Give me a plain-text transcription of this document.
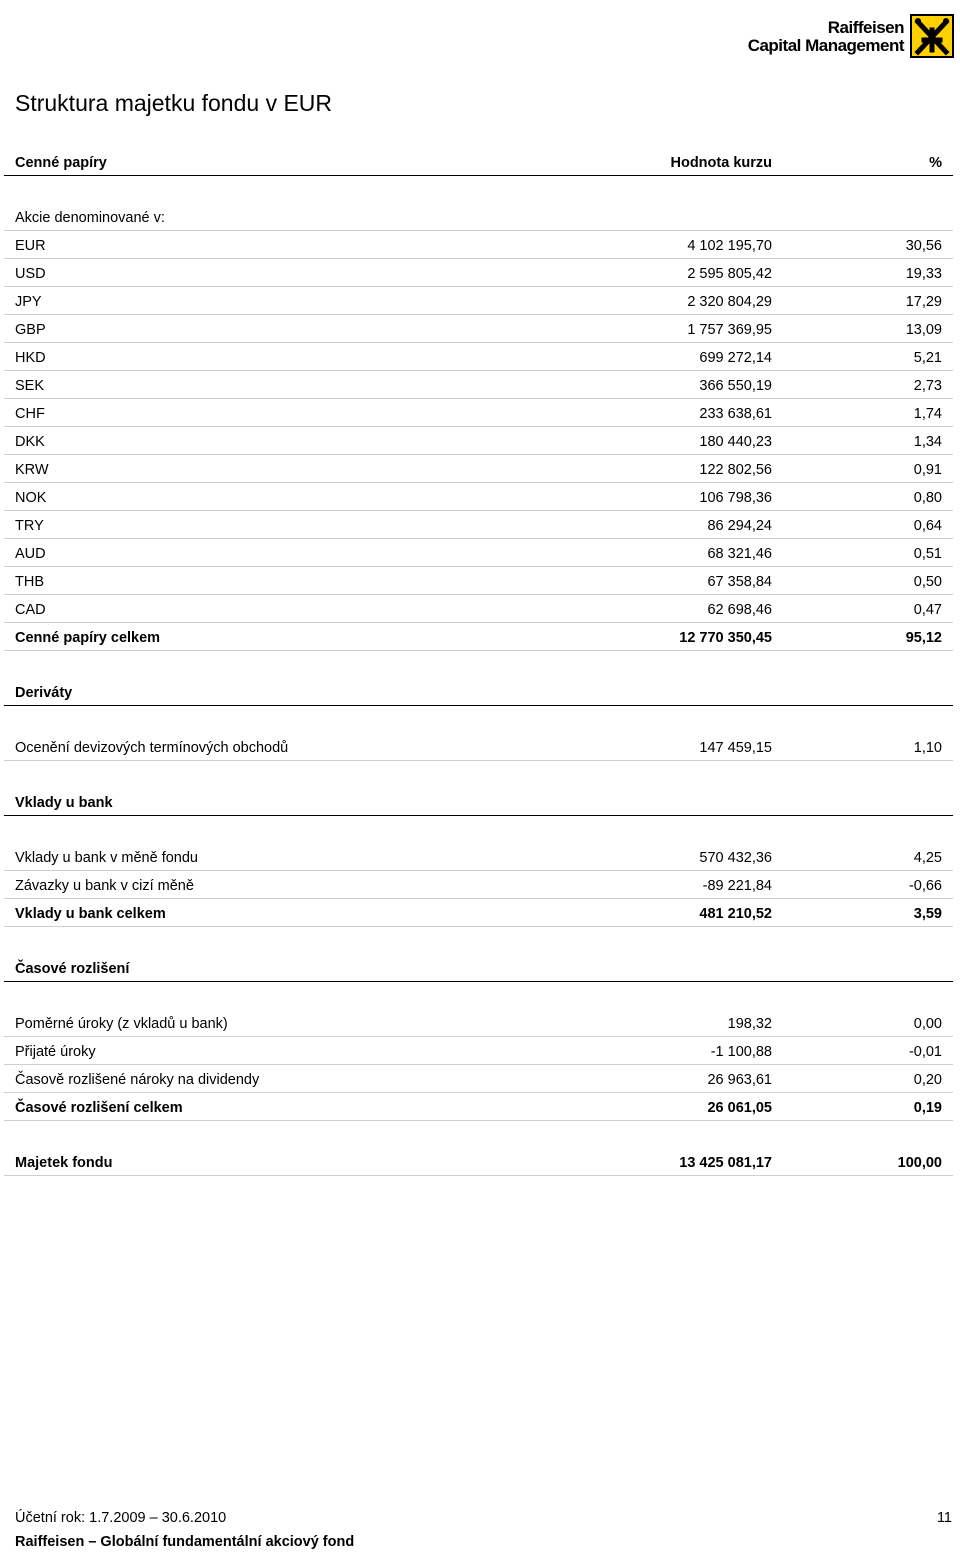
Raiffeisen
Capital Management
Struktura majetku fondu v EUR
Cenné papíry	Hodnota kurzu	%
Akcie denominované v:
EUR	4 102 195,70	30,56
USD	2 595 805,42	19,33
JPY	2 320 804,29	17,29
GBP	1 757 369,95	13,09
HKD	699 272,14	5,21
SEK	366 550,19	2,73
CHF	233 638,61	1,74
DKK	180 440,23	1,34
KRW	122 802,56	0,91
NOK	106 798,36	0,80
TRY	86 294,24	0,64
AUD	68 321,46	0,51
THB	67 358,84	0,50
CAD	62 698,46	0,47
Cenné papíry celkem	12 770 350,45	95,12
Deriváty
Ocenění devizových termínových obchodů	147 459,15	1,10
Vklady u bank
Vklady u bank v měně fondu	570 432,36	4,25
Závazky u bank v cizí měně	-89 221,84	-0,66
Vklady u bank celkem	481 210,52	3,59
Časové rozlišení
Poměrné úroky (z vkladů u bank)	198,32	0,00
Přijaté úroky	-1 100,88	-0,01
Časově rozlišené nároky na dividendy	26 963,61	0,20
Časové rozlišení celkem	26 061,05	0,19
Majetek fondu	13 425 081,17	100,00
Účetní rok: 1.7.2009 – 30.6.2010	11
Raiffeisen – Globální fundamentální akciový fond
